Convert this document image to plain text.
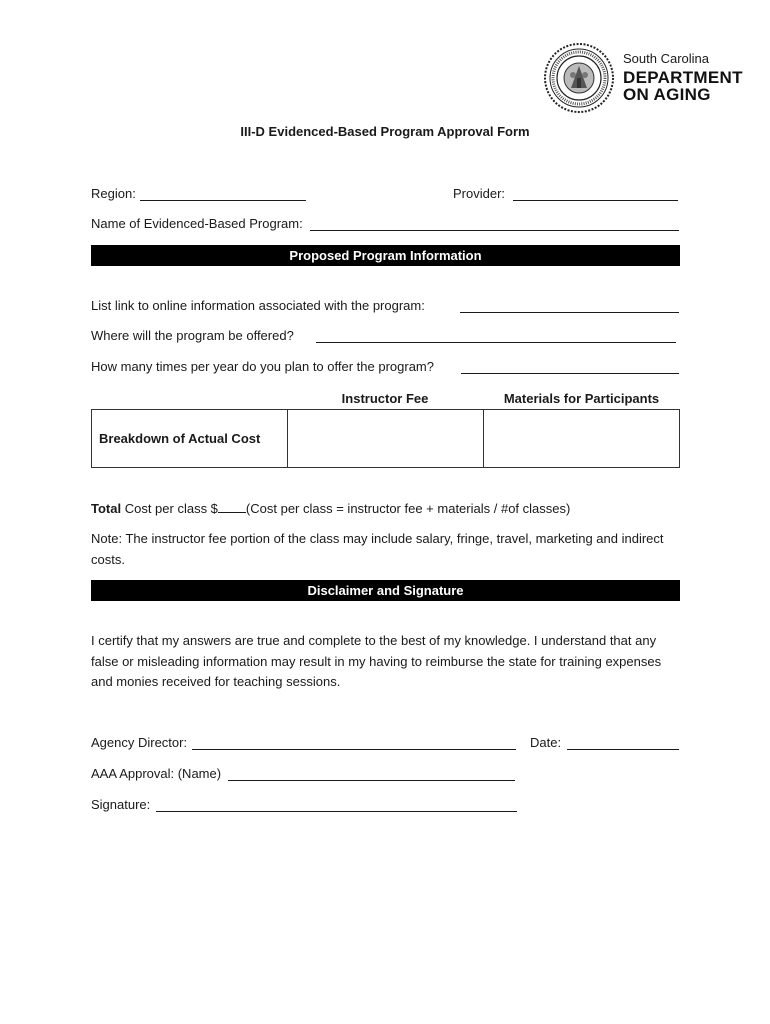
South Carolina
DEPARTMENT
ON AGING
III-D Evidenced-Based Program Approval Form
Region:	Provider:
Name of Evidenced-Based Program:
Proposed Program Information
List link to online information associated with the program:
Where will the program be offered?
How many times per year do you plan to offer the program?
Instructor Fee	Materials for Participants
Breakdown of Actual Cost
Total Cost per class $ (Cost per class = instructor fee + materials / #of classes)
Note: The instructor fee portion of the class may include salary, fringe, travel, marketing and indirect costs.
Disclaimer and Signature
I certify that my answers are true and complete to the best of my knowledge. I understand that any false or misleading information may result in my having to reimburse the state for training expenses and monies received for teaching sessions.
Agency Director:	Date:
AAA Approval: (Name)
Signature:
